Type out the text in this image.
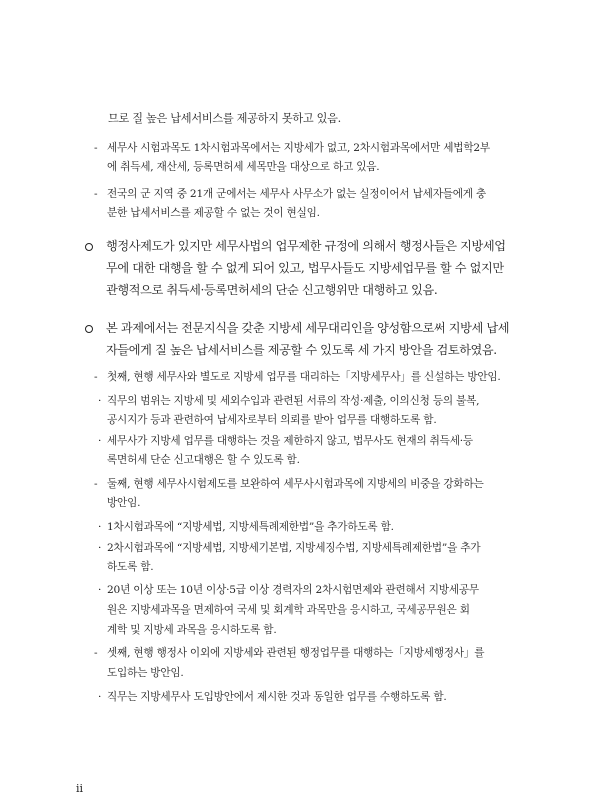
므로 질 높은 납세서비스를 제공하지 못하고 있음.
- 세무사 시험과목도 1차시험과목에서는 지방세가 없고, 2차시험과목에서만 세법학2부
에 취득세, 재산세, 등록면허세 세목만을 대상으로 하고 있음.
- 전국의 군 지역 중 21개 군에서는 세무사 사무소가 없는 실정이어서 납세자들에게 충
분한 납세서비스를 제공할 수 없는 것이 현실임.
행정사제도가 있지만 세무사법의 업무제한 규정에 의해서 행정사들은 지방세업
무에 대한 대행을 할 수 없게 되어 있고, 법무사들도 지방세업무를 할 수 없지만
관행적으로 취득세·등록면허세의 단순 신고행위만 대행하고 있음.
본 과제에서는 전문지식을 갖춘 지방세 세무대리인을 양성함으로써 지방세 납세
자들에게 질 높은 납세서비스를 제공할 수 있도록 세 가지 방안을 검토하였음.
- 첫째, 현행 세무사와 별도로 지방세 업무를 대리하는「지방세무사」를 신설하는 방안임.
· 직무의 범위는 지방세 및 세외수입과 관련된 서류의 작성·제출, 이의신청 등의 불복,
공시지가 등과 관련하여 납세자로부터 의뢰를 받아 업무를 대행하도록 함.
· 세무사가 지방세 업무를 대행하는 것을 제한하지 않고, 법무사도 현재의 취득세·등
록면허세 단순 신고대행은 할 수 있도록 함.
- 둘째, 현행 세무사시험제도를 보완하여 세무사시험과목에 지방세의 비중을 강화하는
방안임.
· 1차시험과목에 “지방세법, 지방세특례제한법”을 추가하도록 함.
· 2차시험과목에 “지방세법, 지방세기본법, 지방세징수법, 지방세특례제한법”을 추가
하도록 함.
· 20년 이상 또는 10년 이상·5급 이상 경력자의 2차시험면제와 관련해서 지방세공무
원은 지방세과목을 면제하여 국세 및 회계학 과목만을 응시하고, 국세공무원은 회
계학 및 지방세 과목을 응시하도록 함.
- 셋째, 현행 행정사 이외에 지방세와 관련된 행정업무를 대행하는「지방세행정사」를
도입하는 방안임.
· 직무는 지방세무사 도입방안에서 제시한 것과 동일한 업무를 수행하도록 함.
ii
